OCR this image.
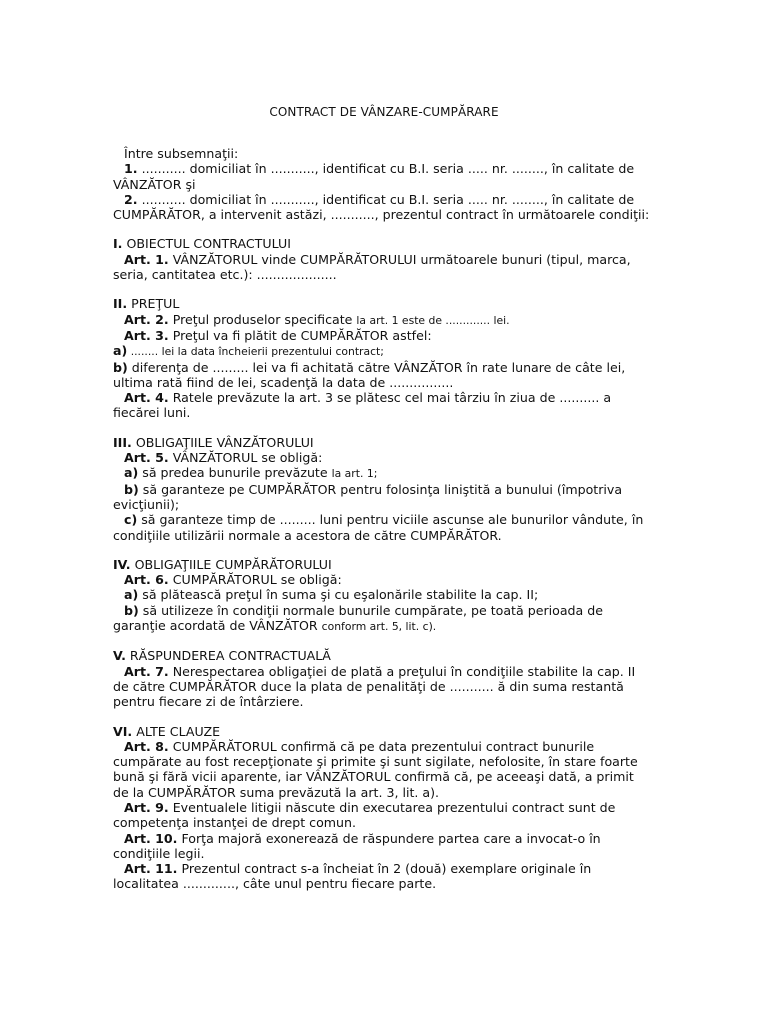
CONTRACT DE VÂNZARE-CUMPĂRARE

Între subsemnaţii:

1. ........... domiciliat în ..........., identificat cu B.I. seria ..... nr. ........, în calitate de VÂNZĂTOR şi

2. ........... domiciliat în ..........., identificat cu B.I. seria ..... nr. ........, în calitate de CUMPĂRĂTOR, a intervenit astăzi, ..........., prezentul contract în următoarele condiţii:

I. OBIECTUL CONTRACTULUI

Art. 1. VÂNZĂTORUL vinde CUMPĂRĂTORULUI următoarele bunuri (tipul, marca, seria, cantitatea etc.): ....................

II. PREŢUL

Art. 2. Preţul produselor specificate la art. 1 este de ............. lei.

Art. 3. Preţul va fi plătit de CUMPĂRĂTOR astfel:

a) ........ lei la data încheierii prezentului contract;

b) diferenţa de ......... lei va fi achitată către VÂNZĂTOR în rate lunare de câte lei, ultima rată fiind de lei, scadenţă la data de ................

Art. 4. Ratele prevăzute la art. 3 se plătesc cel mai târziu în ziua de .......... a fiecărei luni.

III. OBLIGAŢIILE VÂNZĂTORULUI

Art. 5. VÂNZĂTORUL se obligă:

a) să predea bunurile prevăzute la art. 1;

b) să garanteze pe CUMPĂRĂTOR pentru folosinţa liniştită a bunului (împotriva evicţiunii);

c) să garanteze timp de ......... luni pentru viciile ascunse ale bunurilor vândute, în condiţiile utilizării normale a acestora de către CUMPĂRĂTOR.

IV. OBLIGAŢIILE CUMPĂRĂTORULUI

Art. 6. CUMPĂRĂTORUL se obligă:

a) să plătească preţul în suma şi cu eşalonările stabilite la cap. II;

b) să utilizeze în condiţii normale bunurile cumpărate, pe toată perioada de garanţie acordată de VÂNZĂTOR conform art. 5, lit. c).

V. RĂSPUNDEREA CONTRACTUALĂ

Art. 7. Nerespectarea obligaţiei de plată a preţului în condiţiile stabilite la cap. II de către CUMPĂRĂTOR duce la plata de penalităţi de ........... ă din suma restantă pentru fiecare zi de întârziere.

VI. ALTE CLAUZE

Art. 8. CUMPĂRĂTORUL confirmă că pe data prezentului contract bunurile cumpărate au fost recepţionate şi primite şi sunt sigilate, nefolosite, în stare foarte bună şi fără vicii aparente, iar VÂNZĂTORUL confirmă că, pe aceeaşi dată, a primit de la CUMPĂRĂTOR suma prevăzută la art. 3, lit. a).

Art. 9. Eventualele litigii născute din executarea prezentului contract sunt de competenţa instanţei de drept comun.

Art. 10. Forţa majoră exonerează de răspundere partea care a invocat-o în condiţiile legii.

Art. 11. Prezentul contract s-a încheiat în 2 (două) exemplare originale în localitatea ............., câte unul pentru fiecare parte.
